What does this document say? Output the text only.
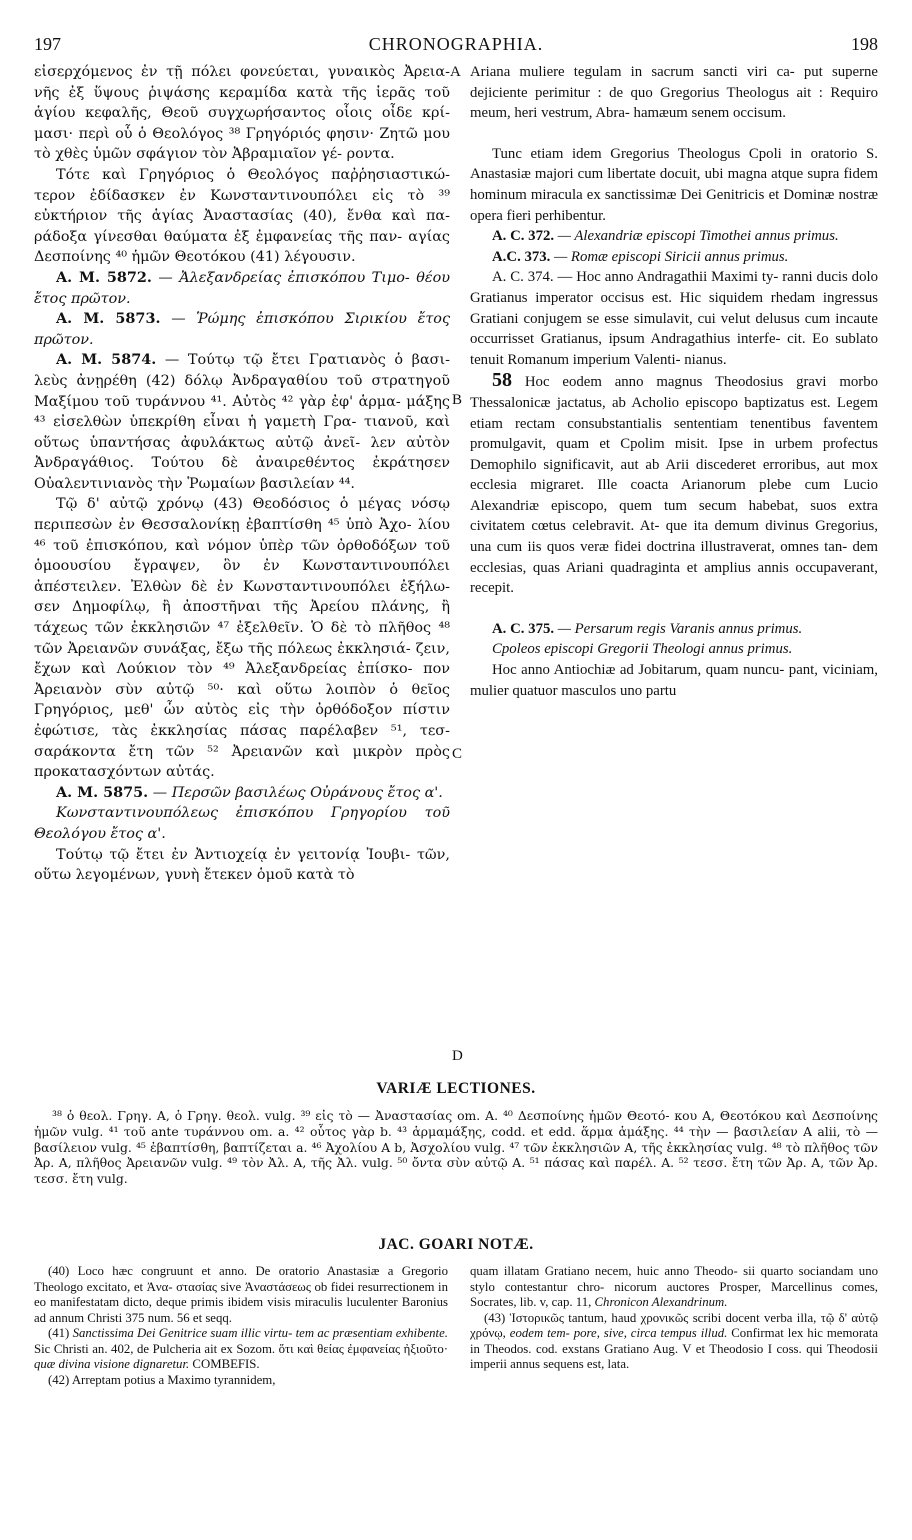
197	CHRONOGRAPHIA.	198

εἰσερχόμενος ἐν τῇ πόλει φονεύεται, γυναικὸς Ἀρεια- νῆς ἐξ ὕψους ῥιψάσης κεραμίδα κατὰ τῆς ἱερᾶς τοῦ ἁγίου κεφαλῆς, Θεοῦ συγχωρήσαντος οἷοις οἶδε κρί- μασι· περὶ οὗ ὁ Θεολόγος ³⁸ Γρηγόριός φησιν· Ζητῶ μου τὸ χθὲς ὑμῶν σφάγιον τὸν Ἀβραμιαῖον γέ- ροντα.

Τότε καὶ Γρηγόριος ὁ Θεολόγος παῤῥησιαστικώ- τερον ἐδίδασκεν ἐν Κωνσταντινουπόλει εἰς τὸ ³⁹ εὐκτήριον τῆς ἁγίας Ἀναστασίας (40), ἔνθα καὶ πα- ράδοξα γίνεσθαι θαύματα ἐξ ἐμφανείας τῆς παν- αγίας Δεσποίνης ⁴⁰ ἡμῶν Θεοτόκου (41) λέγουσιν.

Α. Μ. 5872. — Ἀλεξανδρείας ἐπισκόπου Τιμο- θέου ἔτος πρῶτον.

Α. Μ. 5873. — Ῥώμης ἐπισκόπου Σιρικίου ἔτος πρῶτον.

Α. Μ. 5874. — Τούτῳ τῷ ἔτει Γρατιανὸς ὁ βασι- λεὺς ἀνῃρέθη (42) δόλῳ Ἀνδραγαθίου τοῦ στρατηγοῦ Μαξίμου τοῦ τυράννου ⁴¹. Αὐτὸς ⁴² γὰρ ἐφ' ἁρμα- μάξης ⁴³ εἰσελθὼν ὑπεκρίθη εἶναι ἡ γαμετὴ Γρα- τιανοῦ, καὶ οὕτως ὑπαντήσας ἀφυλάκτως αὐτῷ ἀνεῖ- λεν αὐτὸν Ἀνδραγάθιος. Τούτου δὲ ἀναιρεθέντος ἐκράτησεν Οὐαλεντινιανὸς τὴν Ῥωμαίων βασιλείαν ⁴⁴.

Τῷ δ' αὐτῷ χρόνῳ (43) Θεοδόσιος ὁ μέγας νόσῳ περιπεσὼν ἐν Θεσσαλονίκῃ ἐβαπτίσθη ⁴⁵ ὑπὸ Ἀχο- λίου ⁴⁶ τοῦ ἐπισκόπου, καὶ νόμον ὑπὲρ τῶν ὀρθοδόξων τοῦ ὁμοουσίου ἔγραψεν, ὃν ἐν Κωνσταντινουπόλει ἀπέστειλεν. Ἐλθὼν δὲ ἐν Κωνσταντινουπόλει ἐξήλω- σεν Δημοφίλῳ, ἢ ἀποστῆναι τῆς Ἀρείου πλάνης, ἢ τάχεως τῶν ἐκκλησιῶν ⁴⁷ ἐξελθεῖν. Ὁ δὲ τὸ πλῆθος ⁴⁸ τῶν Ἀρειανῶν συνάξας, ἔξω τῆς πόλεως ἐκκλησιά- ζειν, ἔχων καὶ Λούκιον τὸν ⁴⁹ Ἀλεξανδρείας ἐπίσκο- πον Ἀρειανὸν σὺν αὐτῷ ⁵⁰· καὶ οὕτω λοιπὸν ὁ θεῖος Γρηγόριος, μεθ' ὧν αὐτὸς εἰς τὴν ὀρθόδοξον πίστιν ἐφώτισε, τὰς ἐκκλησίας πάσας παρέλαβεν ⁵¹, τεσ- σαράκοντα ἔτη τῶν ⁵² Ἀρειανῶν καὶ μικρὸν πρὸς προκατασχόντων αὐτάς.

Α. Μ. 5875. — Περσῶν βασιλέως Οὐράνους ἔτος α'.

Κωνσταντινουπόλεως ἐπισκόπου Γρηγορίου τοῦ Θεολόγου ἔτος α'.

Τούτῳ τῷ ἔτει ἐν Ἀντιοχείᾳ ἐν γειτονίᾳ Ἰουβι- τῶν, οὕτω λεγομένων, γυνὴ ἔτεκεν ὁμοῦ κατὰ τὸ

Ariana muliere tegulam in sacrum sancti viri ca- put superne dejiciente perimitur : de quo Gregorius Theologus ait : Requiro meum, heri vestrum, Abra- hamæum senem occisum.

Tunc etiam idem Gregorius Theologus Cpoli in oratorio S. Anastasiæ majori cum libertate docuit, ubi magna atque supra fidem hominum miracula ex sanctissimæ Dei Genitricis et Dominæ nostræ opera fieri perhibentur.

A. C. 372. — Alexandriæ episcopi Timothei annus primus.

A.C. 373. — Romæ episcopi Siricii annus primus.

A. C. 374. — Hoc anno Andragathii Maximi ty- ranni ducis dolo Gratianus imperator occisus est. Hic siquidem rhedam ingressus Gratiani conjugem se esse simulavit, cui velut delusus cum incaute occurrisset Gratianus, ipsum Andragathius interfe- cit. Eo sublato tenuit Romanum imperium Valenti- nianus.

58 Hoc eodem anno magnus Theodosius gravi morbo Thessalonicæ jactatus, ab Acholio episcopo baptizatus est. Legem etiam rectam consubstantialis sententiam tenentibus faventem promulgavit, quam et Cpolim misit. Ipse in urbem profectus Demophilo significavit, aut ab Arii discederet erroribus, aut mox ecclesia migraret. Ille coacta Arianorum plebe cum Lucio Alexandriæ episcopo, quem tum secum habebat, suos extra civitatem cœtus celebravit. At- que ita demum divinus Gregorius, una cum iis quos veræ fidei doctrina illustraverat, omnes tan- dem ecclesias, quas Ariani quadraginta et amplius annis occupaverant, recepit.

A. C. 375. — Persarum regis Varanis annus primus.

Cpoleos episcopi Gregorii Theologi annus primus.

Hoc anno Antiochiæ ad Jobitarum, quam nuncu- pant, viciniam, mulier quatuor masculos uno partu

A
B
C
D
VARIÆ LECTIONES.

³⁸ ὁ θεολ. Γρηγ. A, ὁ Γρηγ. θεολ. vulg. ³⁹ εἰς τὸ — Ἀναστασίας om. A. ⁴⁰ Δεσποίνης ἡμῶν Θεοτό- κου A, Θεοτόκου καὶ Δεσποίνης ἡμῶν vulg. ⁴¹ τοῦ ante τυράννου om. a. ⁴² οὗτος γὰρ b. ⁴³ ἁρμαμάξης, codd. et edd. ἅρμα ἁμάξης. ⁴⁴ τὴν — βασιλείαν A alii, τὸ — βασίλειον vulg. ⁴⁵ ἐβαπτίσθη, βαπτίζεται a. ⁴⁶ Ἀχολίου A b, Ἀσχολίου vulg. ⁴⁷ τῶν ἐκκλησιῶν A, τῆς ἐκκλησίας vulg. ⁴⁸ τὸ πλῆθος τῶν Ἀρ. A, πλῆθος Ἀρειανῶν vulg. ⁴⁹ τὸν Ἀλ. A, τῆς Ἀλ. vulg. ⁵⁰ ὄντα σὺν αὐτῷ A. ⁵¹ πάσας καὶ παρέλ. A. ⁵² τεσσ. ἔτη τῶν Ἀρ. A, τῶν Ἀρ. τεσσ. ἔτη vulg.

JAC. GOARI NOTÆ.

(40) Loco hæc congruunt et anno. De oratorio Anastasiæ a Gregorio Theologo excitato, et Ἀνα- στασίας sive Ἀναστάσεως ob fidei resurrectionem in eo manifestatam dicto, deque primis ibidem visis miraculis luculenter Baronius ad annum Christi 375 num. 56 et seqq.

(41) Sanctissima Dei Genitrice suam illic virtu- tem ac præsentiam exhibente. Sic Christi an. 402, de Pulcheria ait ex Sozom. ὅτι καὶ θείας ἐμφανείας ἠξιοῦτο· quæ divina visione dignaretur. COMBEFIS.

(42) Arreptam potius a Maximo tyrannidem,

quam illatam Gratiano necem, huic anno Theodo- sii quarto sociandam uno stylo contestantur chro- nicorum auctores Prosper, Marcellinus comes, Socrates, lib. v, cap. 11, Chronicon Alexandrinum.

(43) Ἱστορικῶς tantum, haud χρονικῶς scribi docent verba illa, τῷ δ' αὐτῷ χρόνῳ, eodem tem- pore, sive, circa tempus illud. Confirmat lex hic memorata in Theodos. cod. exstans Gratiano Aug. V et Theodosio I coss. qui Theodosii imperii annus sequens est, lata.
